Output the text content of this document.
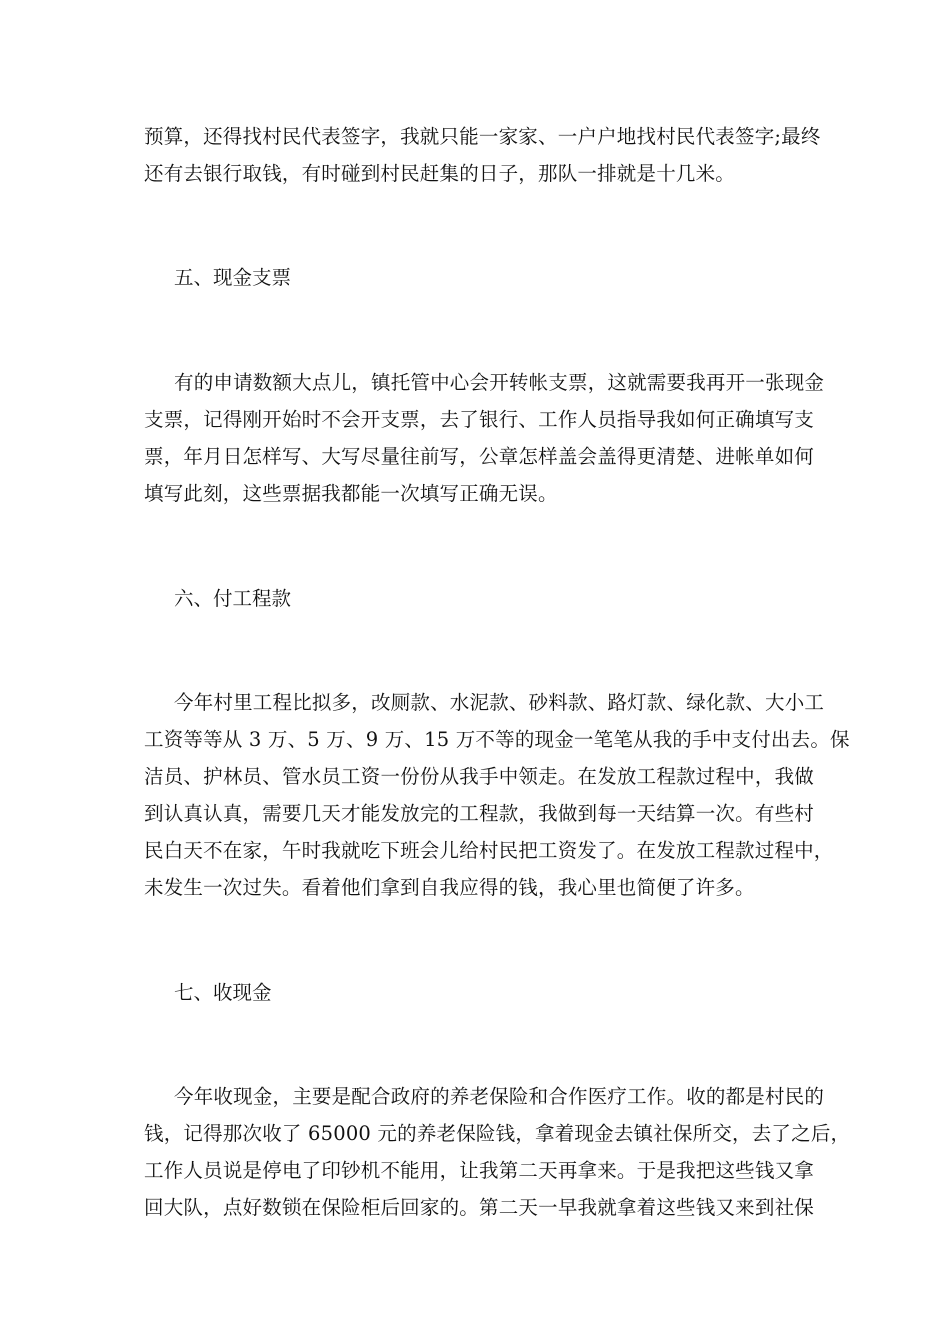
预算，还得找村民代表签字，我就只能一家家、一户户地找村民代表签字;最终
还有去银行取钱，有时碰到村民赶集的日子，那队一排就是十几米。
五、现金支票
有的申请数额大点儿，镇托管中心会开转帐支票，这就需要我再开一张现金
支票，记得刚开始时不会开支票，去了银行、工作人员指导我如何正确填写支
票，年月日怎样写、大写尽量往前写，公章怎样盖会盖得更清楚、进帐单如何
填写此刻，这些票据我都能一次填写正确无误。
六、付工程款
今年村里工程比拟多，改厕款、水泥款、砂料款、路灯款、绿化款、大小工
工资等等从 3 万、5 万、9 万、15 万不等的现金一笔笔从我的手中支付出去。保
洁员、护林员、管水员工资一份份从我手中领走。在发放工程款过程中，我做
到认真认真，需要几天才能发放完的工程款，我做到每一天结算一次。有些村
民白天不在家，午时我就吃下班会儿给村民把工资发了。在发放工程款过程中，
未发生一次过失。看着他们拿到自我应得的钱，我心里也简便了许多。
七、收现金
今年收现金，主要是配合政府的养老保险和合作医疗工作。收的都是村民的
钱，记得那次收了 65000 元的养老保险钱，拿着现金去镇社保所交，去了之后，
工作人员说是停电了印钞机不能用，让我第二天再拿来。于是我把这些钱又拿
回大队，点好数锁在保险柜后回家的。第二天一早我就拿着这些钱又来到社保
